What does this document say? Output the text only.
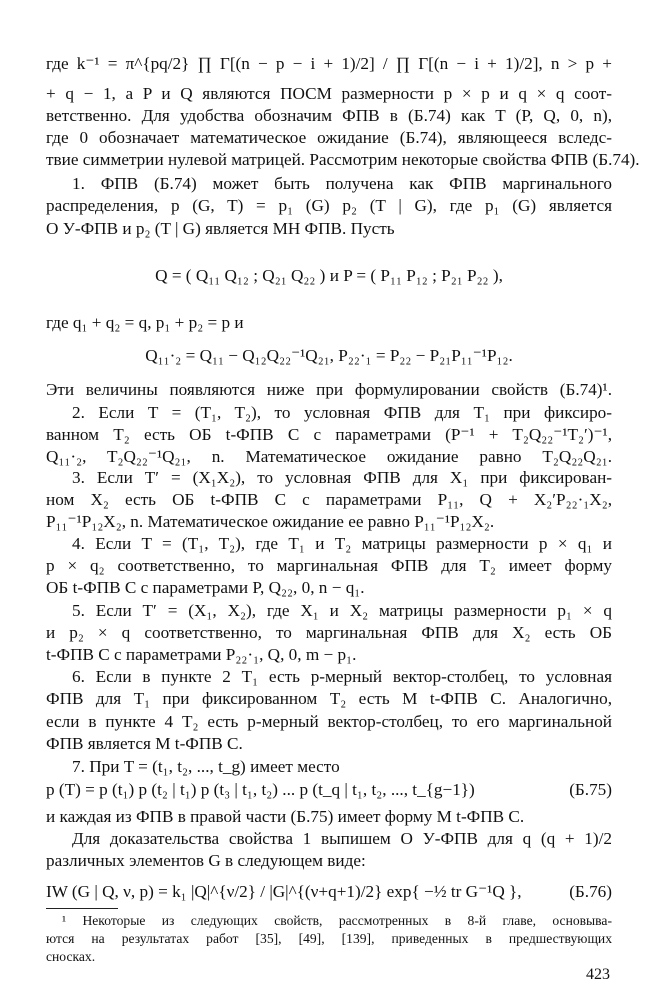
где k⁻¹ = π^{pq/2} ∏ Γ[(n − p − i + 1)/2] / ∏ Γ[(n − i + 1)/2], n > p +
+ q − 1, а P и Q являются ПОСМ размерности p × p и q × q соот-
ветственно. Для удобства обозначим ФПВ в (Б.74) как T (P, Q, 0, n),
где 0 обозначает математическое ожидание (Б.74), являющееся вследс-
твие симметрии нулевой матрицей. Рассмотрим некоторые свойства ФПВ (Б.74).
1. ФПВ (Б.74) может быть получена как ФПВ маргинального
распределения, p (G, T) = p₁ (G) p₂ (T | G), где p₁ (G) является
О У-ФПВ и p₂ (T | G) является МН ФПВ. Пусть
Q = ( Q₁₁ Q₁₂ ; Q₂₁ Q₂₂ ) и P = ( P₁₁ P₁₂ ; P₂₁ P₂₂ ),
где q₁ + q₂ = q, p₁ + p₂ = p и
Q₁₁·₂ = Q₁₁ − Q₁₂Q₂₂⁻¹Q₂₁, P₂₂·₁ = P₂₂ − P₂₁P₁₁⁻¹P₁₂.
Эти величины появляются ниже при формулировании свойств (Б.74)¹.
2. Если T = (T₁, T₂), то условная ФПВ для T₁ при фиксиро-
ванном T₂ есть ОБ t-ФПВ С с параметрами (P⁻¹ + T₂Q₂₂⁻¹T₂′)⁻¹,
Q₁₁·₂, T₂Q₂₂⁻¹Q₂₁, n. Математическое ожидание равно T₂Q₂₂Q₂₁.
3. Если T′ = (X₁X₂), то условная ФПВ для X₁ при фиксирован-
ном X₂ есть ОБ t-ФПВ С с параметрами P₁₁, Q + X₂′P₂₂·₁X₂,
P₁₁⁻¹P₁₂X₂, n. Математическое ожидание ее равно P₁₁⁻¹P₁₂X₂.
4. Если T = (T₁, T₂), где T₁ и T₂ матрицы размерности p × q₁ и
p × q₂ соответственно, то маргинальная ФПВ для T₂ имеет форму
ОБ t-ФПВ С с параметрами P, Q₂₂, 0, n − q₁.
5. Если T′ = (X₁, X₂), где X₁ и X₂ матрицы размерности p₁ × q
и p₂ × q соответственно, то маргинальная ФПВ для X₂ есть ОБ
t-ФПВ С с параметрами P₂₂·₁, Q, 0, m − p₁.
6. Если в пункте 2 T₁ есть p-мерный вектор-столбец, то условная
ФПВ для T₁ при фиксированном T₂ есть М t-ФПВ С. Аналогично,
если в пункте 4 T₂ есть p-мерный вектор-столбец, то его маргинальной
ФПВ является М t-ФПВ С.
7. При T = (t₁, t₂, ..., t_g) имеет место
p (T) = p (t₁) p (t₂ | t₁) p (t₃ | t₁, t₂) ... p (t_q | t₁, t₂, ..., t_{g−1})	(Б.75)
и каждая из ФПВ в правой части (Б.75) имеет форму М t-ФПВ С.
Для доказательства свойства 1 выпишем О У-ФПВ для q (q + 1)/2
различных элементов G в следующем виде:
IW (G | Q, ν, p) = k₁ |Q|^{ν/2} / |G|^{(ν+q+1)/2} exp{ −½ tr G⁻¹Q },	(Б.76)
¹ Некоторые из следующих свойств, рассмотренных в 8-й главе, основыва-
ются на результатах работ [35], [49], [139], приведенных в предшествующих
сносках.
423
